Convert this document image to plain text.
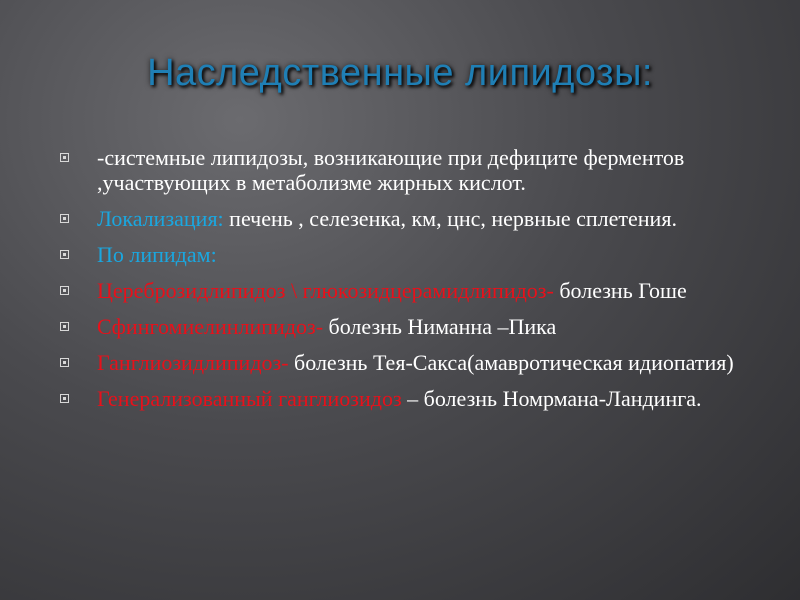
Наследственные липидозы:
-системные липидозы, возникающие при дефиците ферментов ,участвующих в метаболизме жирных кислот.
Локализация: печень , селезенка, км, цнс, нервные сплетения.
По липидам:
Цереброзидлипидоз \ глюкозидцерамидлипидоз- болезнь Гоше
Сфингомиелинлипидоз- болезнь Ниманна –Пика
Ганглиозидлипидоз- болезнь Тея-Сакса(амавротическая идиопатия)
Генерализованный ганглиозидоз – болезнь Номрмана-Ландинга.
